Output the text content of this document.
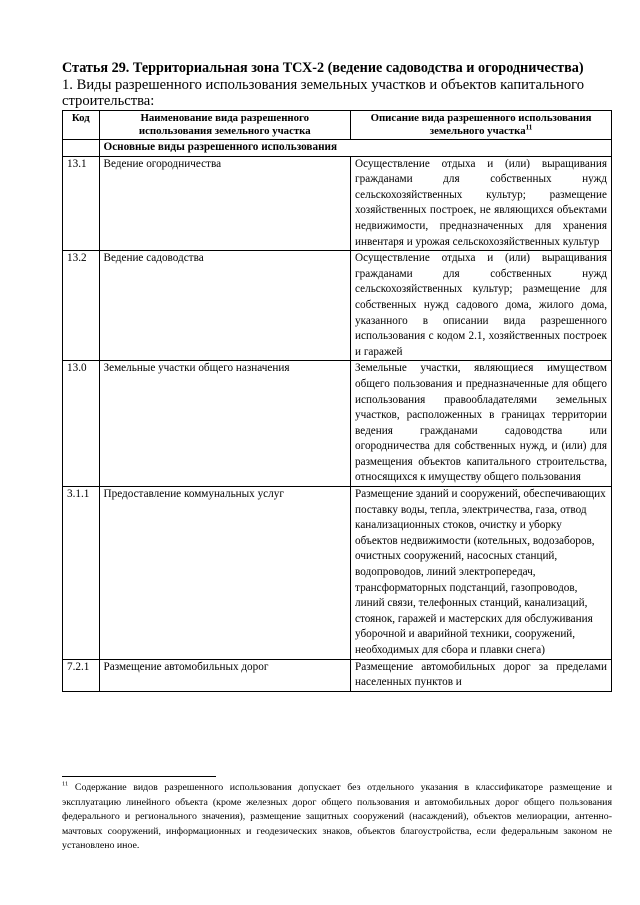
Статья 29. Территориальная зона ТСХ-2 (ведение садоводства и огородничества)

1. Виды разрешенного использования земельных участков и объектов капитального строительства:
Код	Наименование вида разрешенного использования земельного участка	Описание вида разрешенного использования земельного участка$^{11}$
	Основные виды разрешенного использования	
13.1	Ведение огородничества	Осуществление отдыха и (или) выращивания гражданами для собственных нужд сельскохозяйственных культур; размещение хозяйственных построек, не являющихся объектами недвижимости, предназначенных для хранения инвентаря и урожая сельскохозяйственных культур
13.2	Ведение садоводства	Осуществление отдыха и (или) выращивания гражданами для собственных нужд сельскохозяйственных культур; размещение для собственных нужд садового дома, жилого дома, указанного в описании вида разрешенного использования с кодом 2.1, хозяйственных построек и гаражей
13.0	Земельные участки общего назначения	Земельные участки, являющиеся имуществом общего пользования и предназначенные для общего использования правообладателями земельных участков, расположенных в границах территории ведения гражданами садоводства или огородничества для собственных нужд, и (или) для размещения объектов капитального строительства, относящихся к имуществу общего пользования
3.1.1	Предоставление коммунальных услуг	Размещение зданий и сооружений, обеспечивающих поставку воды, тепла, электричества, газа, отвод канализационных стоков, очистку и уборку объектов недвижимости (котельных, водозаборов, очистных сооружений, насосных станций, водопроводов, линий электропередач, трансформаторных подстанций, газопроводов, линий связи, телефонных станций, канализаций, стоянок, гаражей и мастерских для обслуживания уборочной и аварийной техники, сооружений, необходимых для сбора и плавки снега)
7.2.1	Размещение автомобильных дорог	Размещение автомобильных дорог за пределами населенных пунктов и
$^{11}$ Содержание видов разрешенного использования допускает без отдельного указания в классификаторе размещение и эксплуатацию линейного объекта (кроме железных дорог общего пользования и автомобильных дорог общего пользования федерального и регионального значения), размещение защитных сооружений (насаждений), объектов мелиорации, антенно-мачтовых сооружений, информационных и геодезических знаков, объектов благоустройства, если федеральным законом не установлено иное.
